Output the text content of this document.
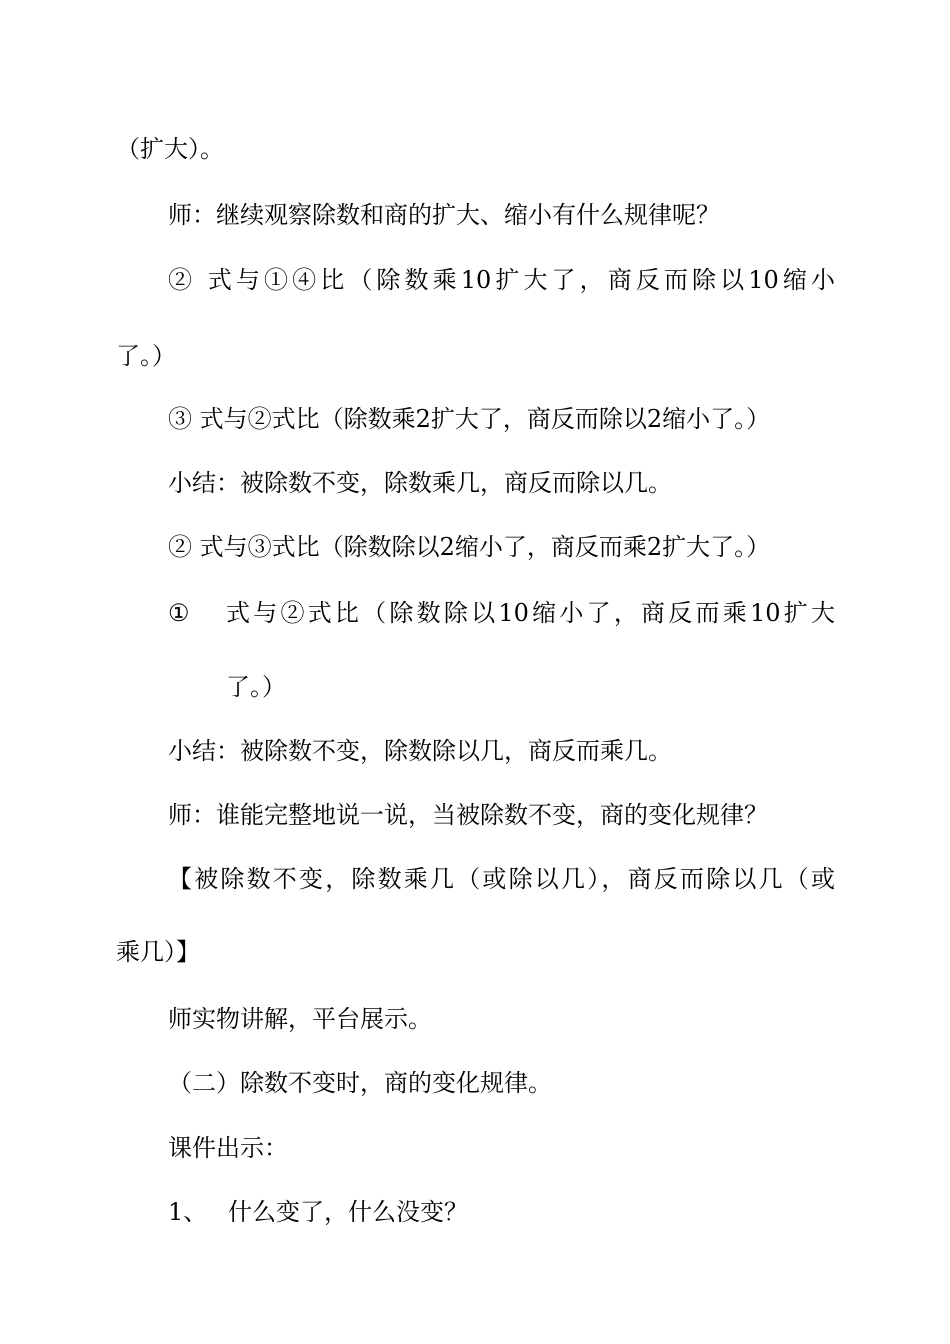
（扩大）。
师：继续观察除数和商的扩大、缩小有什么规律呢？
② 式与①④比（除数乘10扩大了，商反而除以10缩小
了。）
③ 式与②式比（除数乘2扩大了，商反而除以2缩小了。）
小结：被除数不变，除数乘几，商反而除以几。
② 式与③式比（除数除以2缩小了，商反而乘2扩大了。）
① 式与②式比（除数除以10缩小了，商反而乘10扩大
了。）
小结：被除数不变，除数除以几，商反而乘几。
师：谁能完整地说一说，当被除数不变，商的变化规律？
【被除数不变，除数乘几（或除以几），商反而除以几（或
乘几）】
师实物讲解，平台展示。
（二）除数不变时，商的变化规律。
课件出示：
1、 什么变了，什么没变？
